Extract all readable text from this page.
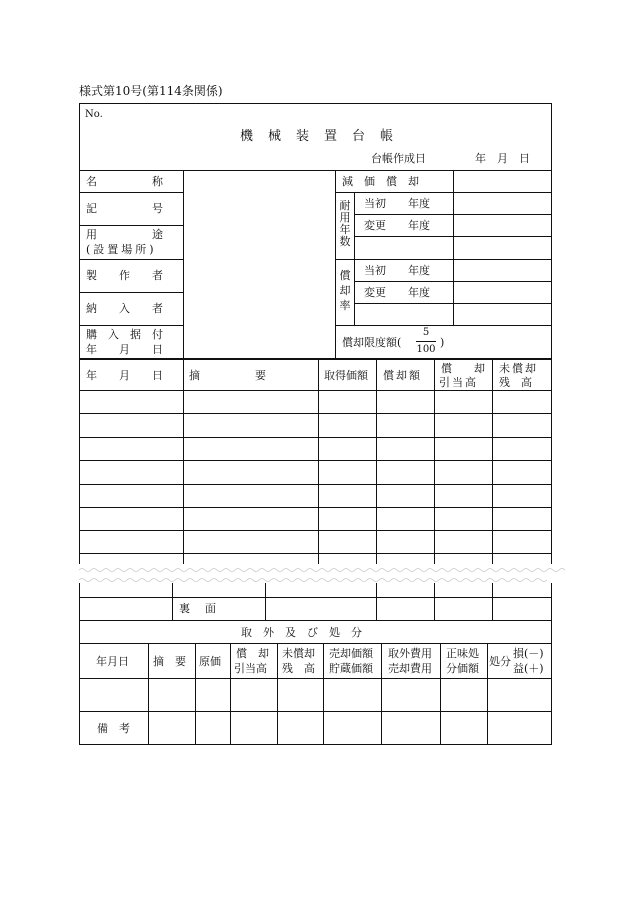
様式第10号(第114条関係)
No.
機　械　装　置　台　帳
台帳作成日	年　月　日
名　　　　　称
記　　　　　号
用　　　　　途
(設置場所)
製　　作　　者
納　　入　　者
購　入　据　付
年　　月　　日
減　価　償　却
耐用年数
償却率
当初　　年度
変更　　年度
当初　　年度
変更　　年度
償却限度額(
5
100
)
年　　月　　日 摘　　　　　要	取得価額 償却額
償　　却
引当高
未償却
残　高
裏　面
取　外　及　び　処　分
年月日 摘　要 原価
償　却
引当高
未償却
残　高
売却価額
貯蔵価額
取外費用
売却費用
正味処
分価額
処分
損(－)
益(＋)
備　考
